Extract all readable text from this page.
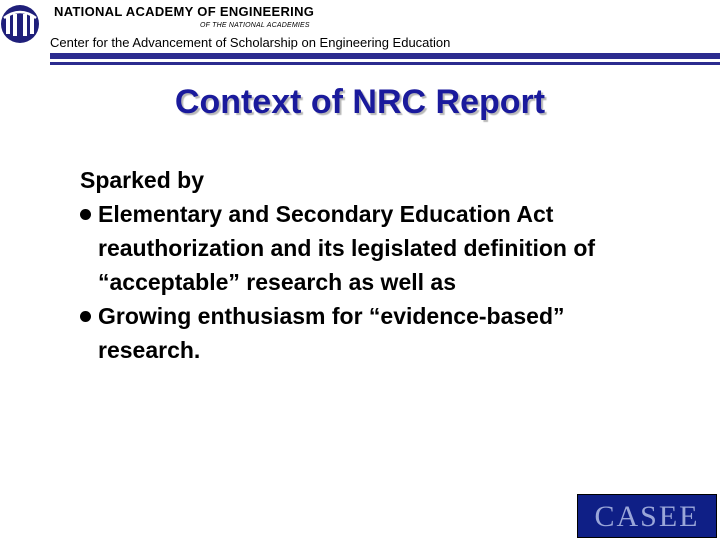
NATIONAL ACADEMY OF ENGINEERING
OF THE NATIONAL ACADEMIES
Center for the Advancement of Scholarship on Engineering Education
Context of NRC Report

Sparked by

Elementary and Secondary Education Act reauthorization and its legislated definition of “acceptable” research as well as
Growing enthusiasm for “evidence-based” research.
CASEE
